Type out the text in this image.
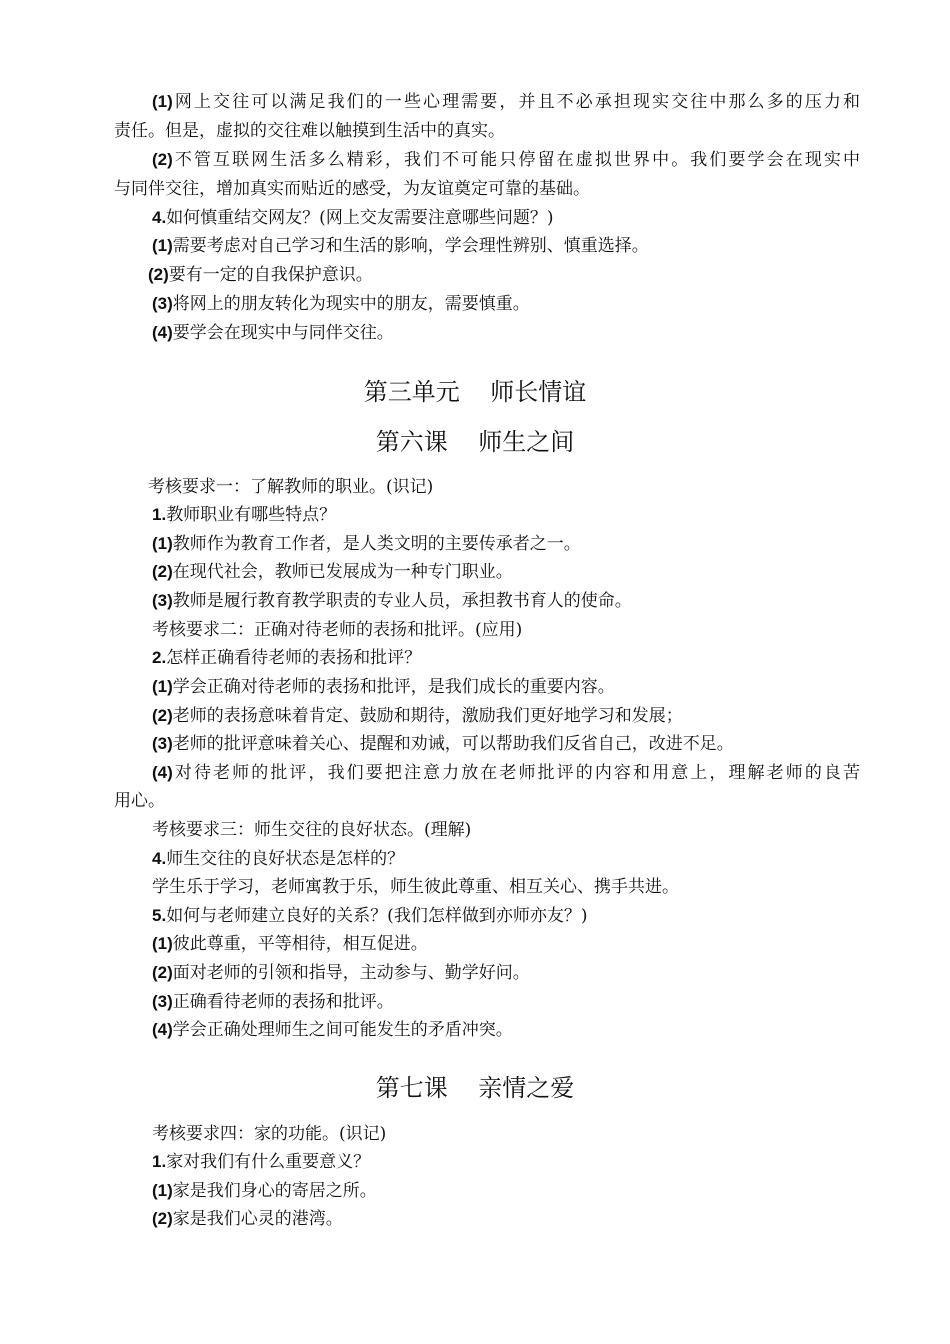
(1)网上交往可以满足我们的一些心理需要，并且不必承担现实交往中那么多的压力和
责任。但是，虚拟的交往难以触摸到生活中的真实。
(2)不管互联网生活多么精彩，我们不可能只停留在虚拟世界中。我们要学会在现实中
与同伴交往，增加真实而贴近的感受，为友谊奠定可靠的基础。
4.如何慎重结交网友？(网上交友需要注意哪些问题？)
(1)需要考虑对自己学习和生活的影响，学会理性辨别、慎重选择。
(2)要有一定的自我保护意识。
(3)将网上的朋友转化为现实中的朋友，需要慎重。
(4)要学会在现实中与同伴交往。
第三单元    师长情谊
第六课    师生之间
考核要求一：了解教师的职业。(识记)
1.教师职业有哪些特点？
(1)教师作为教育工作者，是人类文明的主要传承者之一。
(2)在现代社会，教师已发展成为一种专门职业。
(3)教师是履行教育教学职责的专业人员，承担教书育人的使命。
考核要求二：正确对待老师的表扬和批评。(应用)
2.怎样正确看待老师的表扬和批评？
(1)学会正确对待老师的表扬和批评，是我们成长的重要内容。
(2)老师的表扬意味着肯定、鼓励和期待，激励我们更好地学习和发展；
(3)老师的批评意味着关心、提醒和劝诫，可以帮助我们反省自己，改进不足。
(4)对待老师的批评，我们要把注意力放在老师批评的内容和用意上，理解老师的良苦
用心。
考核要求三：师生交往的良好状态。(理解)
4.师生交往的良好状态是怎样的？
学生乐于学习，老师寓教于乐，师生彼此尊重、相互关心、携手共进。
5.如何与老师建立良好的关系？(我们怎样做到亦师亦友？)
(1)彼此尊重，平等相待，相互促进。
(2)面对老师的引领和指导，主动参与、勤学好问。
(3)正确看待老师的表扬和批评。
(4)学会正确处理师生之间可能发生的矛盾冲突。
第七课    亲情之爱
考核要求四：家的功能。(识记)
1.家对我们有什么重要意义？
(1)家是我们身心的寄居之所。
(2)家是我们心灵的港湾。
